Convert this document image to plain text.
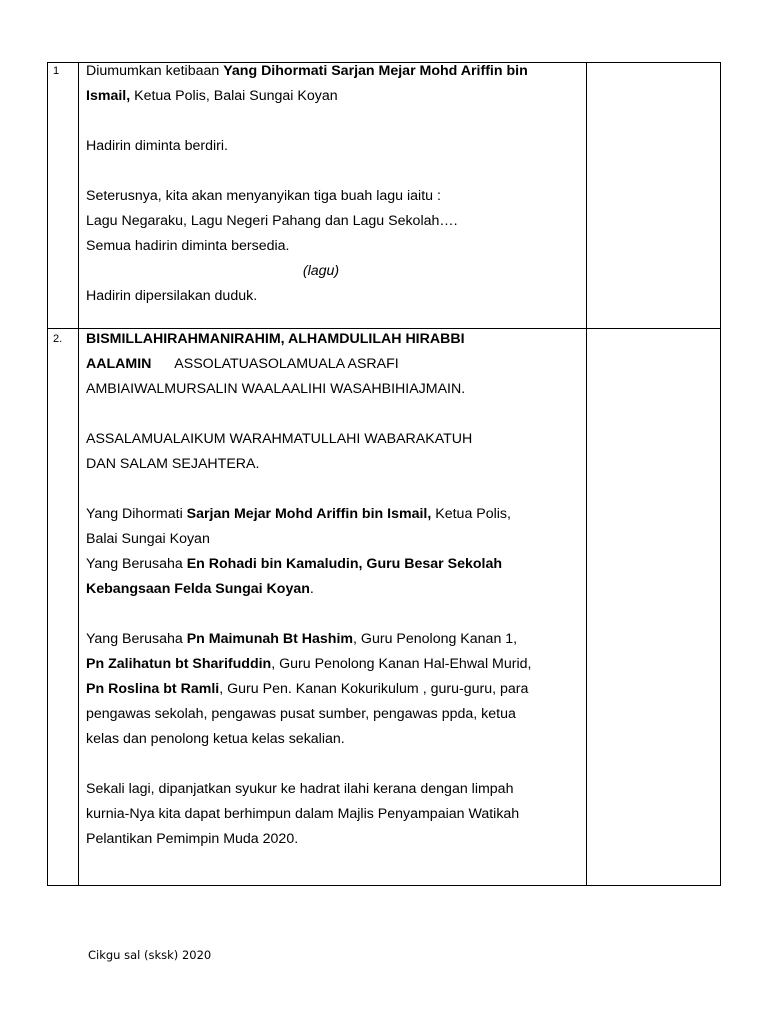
1 Diumumkan ketibaan Yang Dihormati Sarjan Mejar Mohd Ariffin bin
Ismail, Ketua Polis, Balai Sungai Koyan
Hadirin diminta berdiri.
Seterusnya, kita akan menyanyikan tiga buah lagu iaitu :
Lagu Negaraku, Lagu Negeri Pahang dan Lagu Sekolah….
Semua hadirin diminta bersedia.
(lagu)
Hadirin dipersilakan duduk.
2. BISMILLAHIRAHMANIRAHIM, ALHAMDULILAH HIRABBI
AALAMIN      ASSOLATUASOLAMUALA ASRAFI
AMBIAIWALMURSALIN WAALAALIHI WASAHBIHIAJMAIN.
ASSALAMUALAIKUM WARAHMATULLAHI WABARAKATUH
DAN SALAM SEJAHTERA.
Yang Dihormati Sarjan Mejar Mohd Ariffin bin Ismail, Ketua Polis,
Balai Sungai Koyan
Yang Berusaha En Rohadi bin Kamaludin, Guru Besar Sekolah
Kebangsaan Felda Sungai Koyan.
Yang Berusaha Pn Maimunah Bt Hashim, Guru Penolong Kanan 1,
Pn Zalihatun bt Sharifuddin, Guru Penolong Kanan Hal-Ehwal Murid,
Pn Roslina bt Ramli, Guru Pen. Kanan Kokurikulum , guru-guru, para
pengawas sekolah, pengawas pusat sumber, pengawas ppda, ketua
kelas dan penolong ketua kelas sekalian.
Sekali lagi, dipanjatkan syukur ke hadrat ilahi kerana dengan limpah
kurnia-Nya kita dapat berhimpun dalam Majlis Penyampaian Watikah
Pelantikan Pemimpin Muda 2020.
Cikgu sal (sksk) 2020
